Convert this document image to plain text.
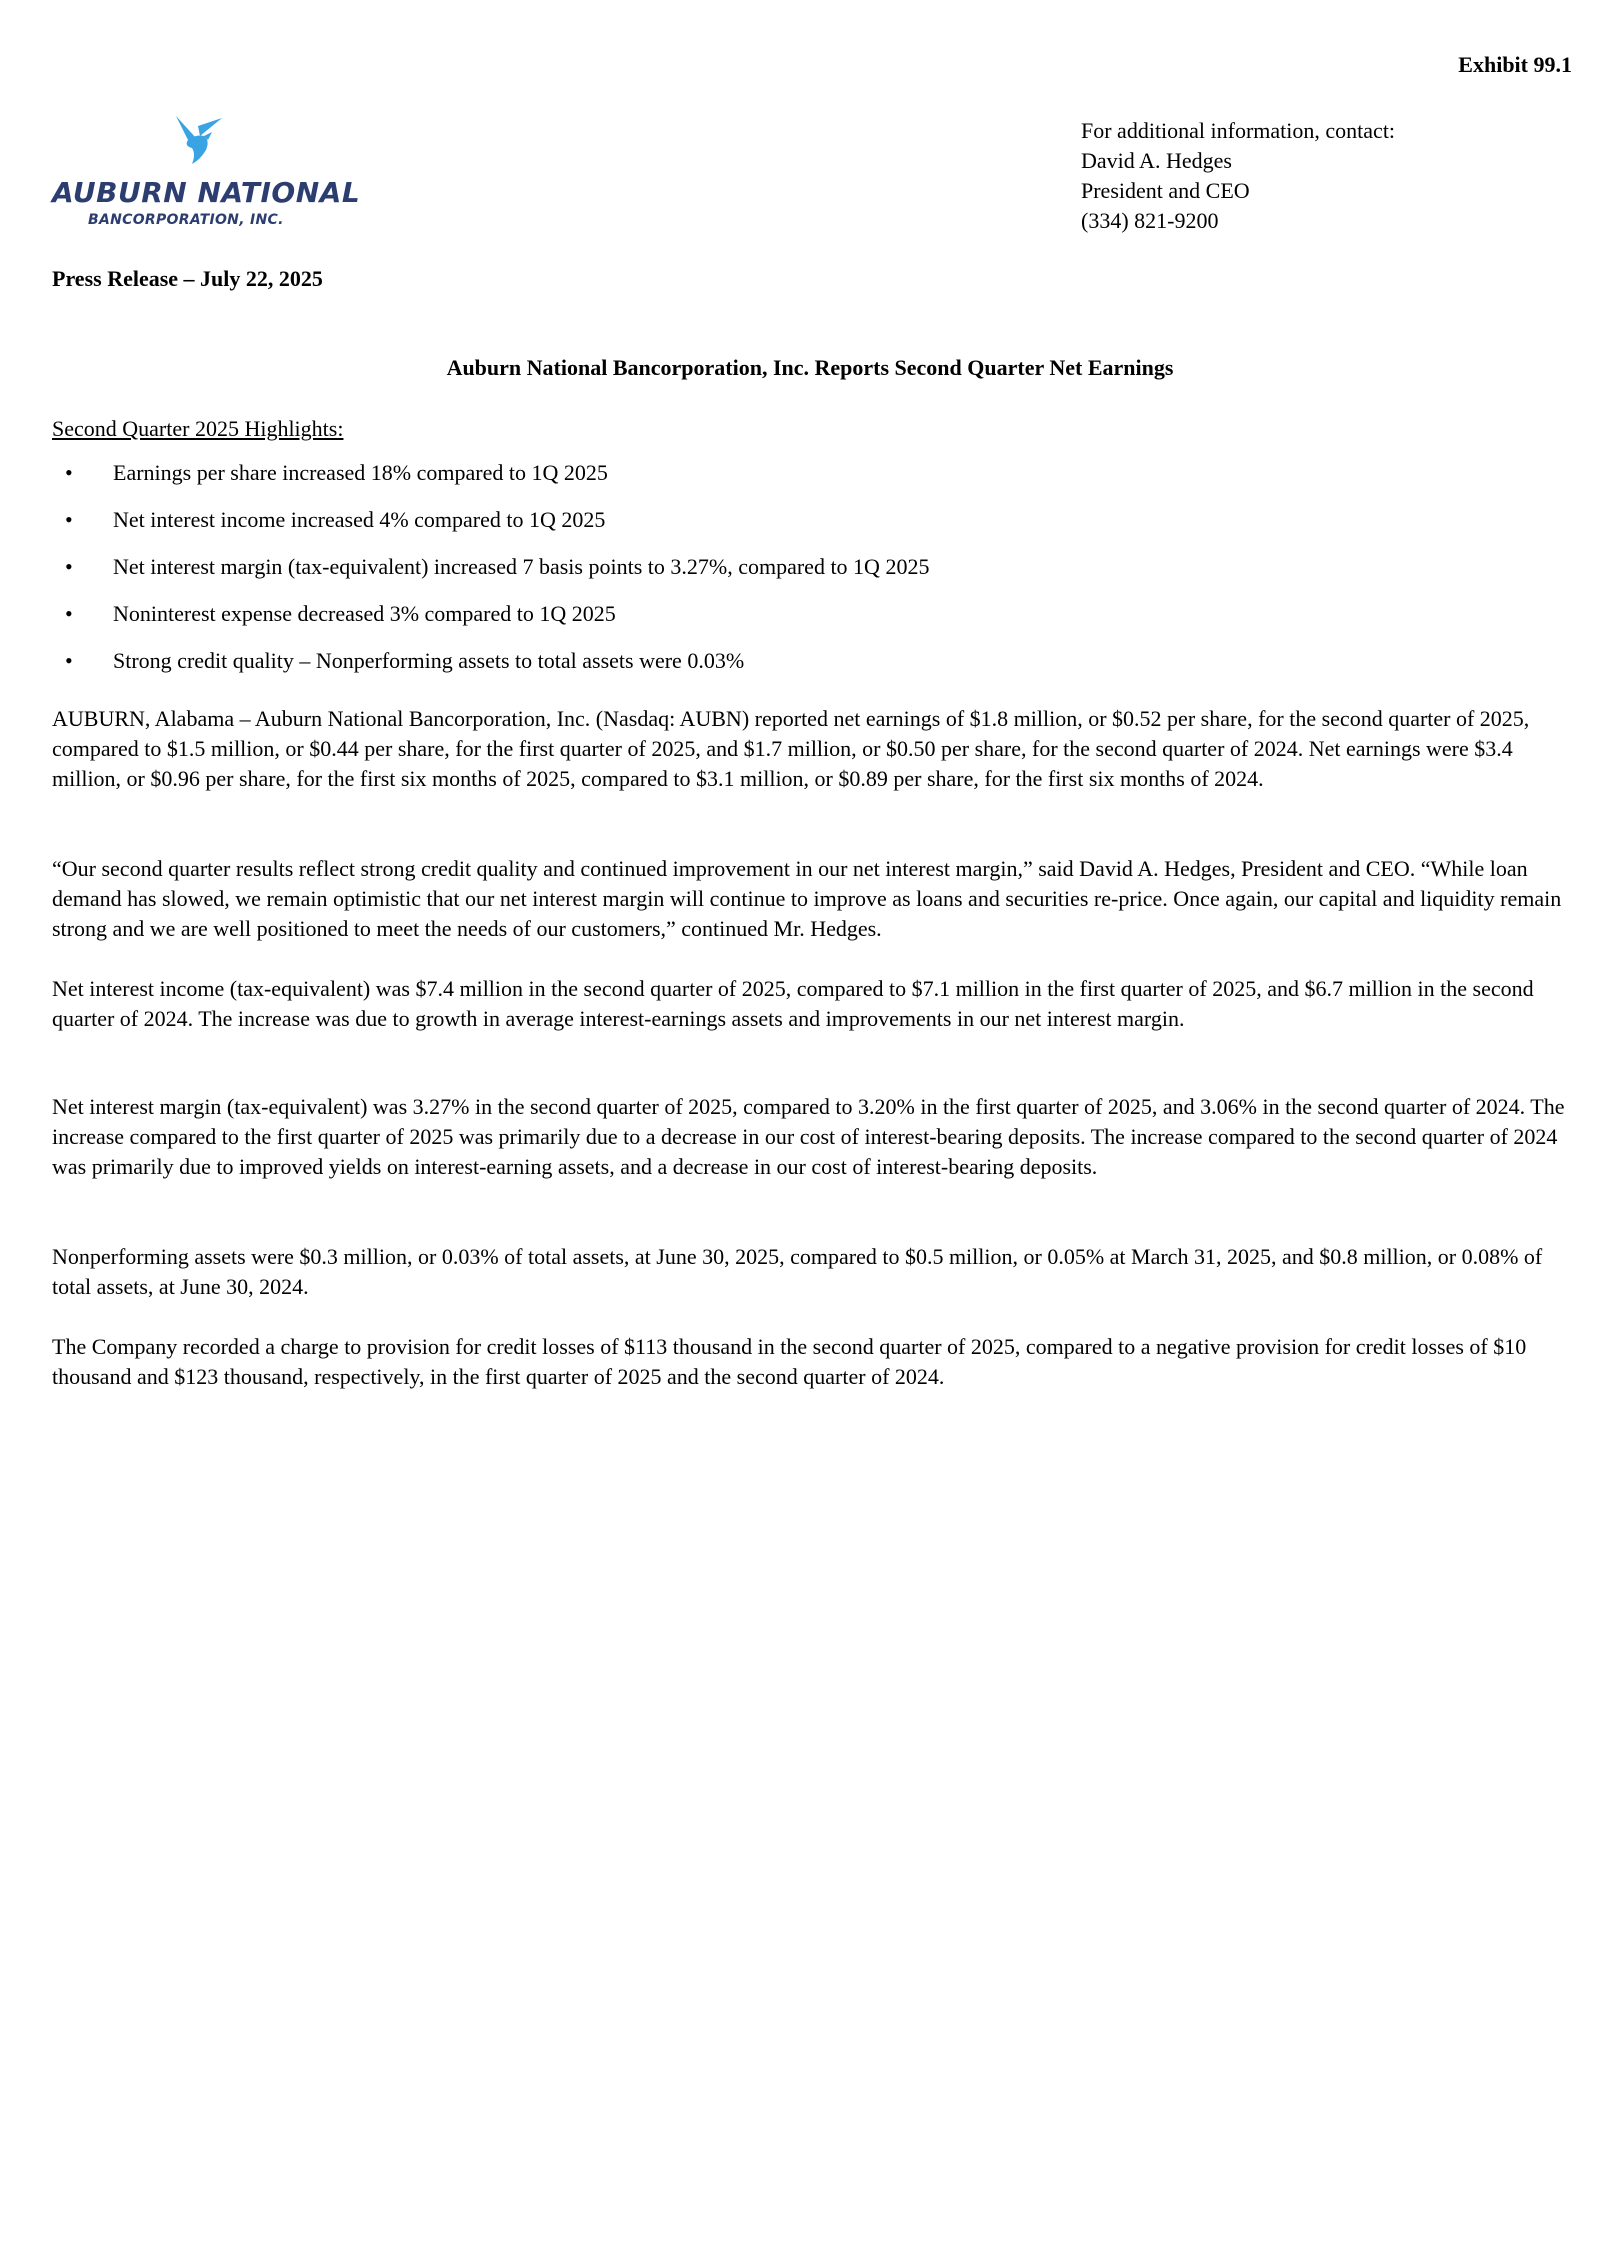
Exhibit 99.1
AUBURN NATIONAL
BANCORPORATION, INC.
For additional information, contact:
David A. Hedges
President and CEO
(334) 821-9200
Press Release – July 22, 2025
Auburn National Bancorporation, Inc. Reports Second Quarter Net Earnings
Second Quarter 2025 Highlights:
• Earnings per share increased 18% compared to 1Q 2025
• Net interest income increased 4% compared to 1Q 2025
• Net interest margin (tax-equivalent) increased 7 basis points to 3.27%, compared to 1Q 2025
• Noninterest expense decreased 3% compared to 1Q 2025
• Strong credit quality – Nonperforming assets to total assets were 0.03%

AUBURN, Alabama – Auburn National Bancorporation, Inc. (Nasdaq: AUBN) reported net earnings of $1.8 million, or $0.52 per share, for the second quarter of 2025, compared to $1.5 million, or $0.44 per share, for the first quarter of 2025, and $1.7 million, or $0.50 per share, for the second quarter of 2024. Net earnings were $3.4 million, or $0.96 per share, for the first six months of 2025, compared to $3.1 million, or $0.89 per share, for the first six months of 2024.

“Our second quarter results reflect strong credit quality and continued improvement in our net interest margin,” said David A. Hedges, President and CEO. “While loan demand has slowed, we remain optimistic that our net interest margin will continue to improve as loans and securities re-price. Once again, our capital and liquidity remain strong and we are well positioned to meet the needs of our customers,” continued Mr. Hedges.

Net interest income (tax-equivalent) was $7.4 million in the second quarter of 2025, compared to $7.1 million in the first quarter of 2025, and $6.7 million in the second quarter of 2024. The increase was due to growth in average interest-earnings assets and improvements in our net interest margin.

Net interest margin (tax-equivalent) was 3.27% in the second quarter of 2025, compared to 3.20% in the first quarter of 2025, and 3.06% in the second quarter of 2024. The increase compared to the first quarter of 2025 was primarily due to a decrease in our cost of interest-bearing deposits. The increase compared to the second quarter of 2024 was primarily due to improved yields on interest-earning assets, and a decrease in our cost of interest-bearing deposits.

Nonperforming assets were $0.3 million, or 0.03% of total assets, at June 30, 2025, compared to $0.5 million, or 0.05% at March 31, 2025, and $0.8 million, or 0.08% of total assets, at June 30, 2024.

The Company recorded a charge to provision for credit losses of $113 thousand in the second quarter of 2025, compared to a negative provision for credit losses of $10 thousand and $123 thousand, respectively, in the first quarter of 2025 and the second quarter of 2024.
